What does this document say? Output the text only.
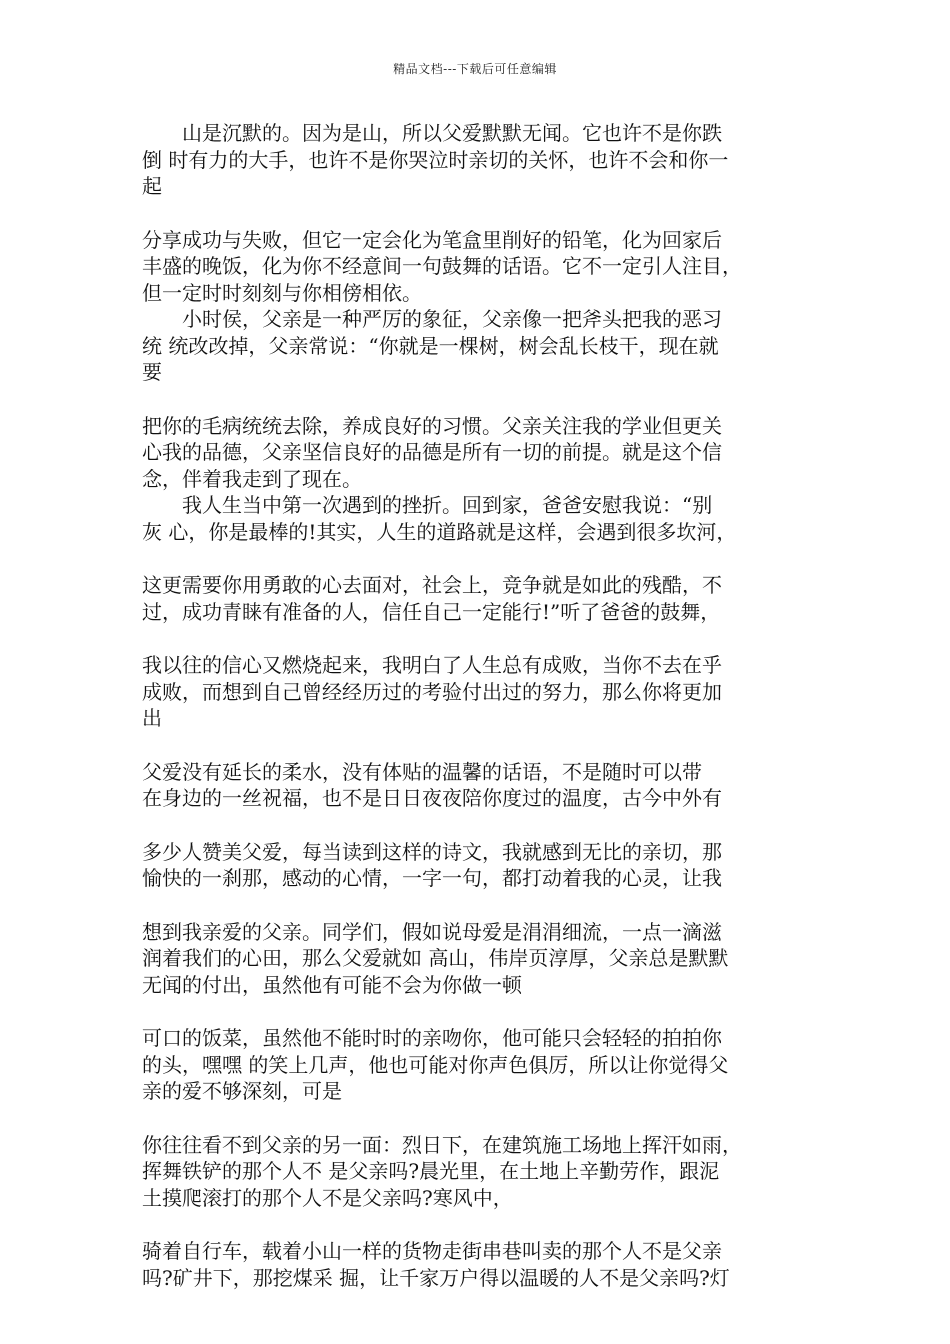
精品文档---下载后可任意编辑
　　山是沉默的。因为是山，所以父爱默默无闻。它也许不是你跌
倒 时有力的大手，也许不是你哭泣时亲切的关怀，也许不会和你一
起
分享成功与失败，但它一定会化为笔盒里削好的铅笔，化为回家后
丰盛的晚饭，化为你不经意间一句鼓舞的话语。它不一定引人注目，
但一定时时刻刻与你相傍相依。
　　小时侯，父亲是一种严厉的象征，父亲像一把斧头把我的恶习
统 统改改掉，父亲常说：“你就是一棵树，树会乱长枝干，现在就
要
把你的毛病统统去除，养成良好的习惯。父亲关注我的学业但更关
心我的品德，父亲坚信良好的品德是所有一切的前提。就是这个信
念，伴着我走到了现在。
　　我人生当中第一次遇到的挫折。回到家，爸爸安慰我说：“别
灰 心，你是最棒的!其实，人生的道路就是这样，会遇到很多坎河，
这更需要你用勇敢的心去面对，社会上，竞争就是如此的残酷，不
过，成功青睐有准备的人，信任自己一定能行!”听了爸爸的鼓舞，
我以往的信心又燃烧起来，我明白了人生总有成败，当你不去在乎
成败，而想到自己曾经经历过的考验付出过的努力，那么你将更加
出
父爱没有延长的柔水，没有体贴的温馨的话语，不是随时可以带
在身边的一丝祝福，也不是日日夜夜陪你度过的温度，古今中外有
多少人赞美父爱，每当读到这样的诗文，我就感到无比的亲切，那
愉快的一刹那，感动的心情，一字一句，都打动着我的心灵，让我
想到我亲爱的父亲。同学们，假如说母爱是涓涓细流，一点一滴滋
润着我们的心田，那么父爱就如 高山，伟岸页淳厚，父亲总是默默
无闻的付出，虽然他有可能不会为你做一顿
可口的饭菜，虽然他不能时时的亲吻你，他可能只会轻轻的拍拍你
的头，嘿嘿 的笑上几声，他也可能对你声色俱厉，所以让你觉得父
亲的爱不够深刻，可是
你往往看不到父亲的另一面：烈日下，在建筑施工场地上挥汗如雨，
挥舞铁铲的那个人不 是父亲吗?晨光里，在土地上辛勤劳作，跟泥
土摸爬滚打的那个人不是父亲吗?寒风中，
骑着自行车，载着小山一样的货物走街串巷叫卖的那个人不是父亲
吗?矿井下，那挖煤采 掘，让千家万户得以温暖的人不是父亲吗?灯
